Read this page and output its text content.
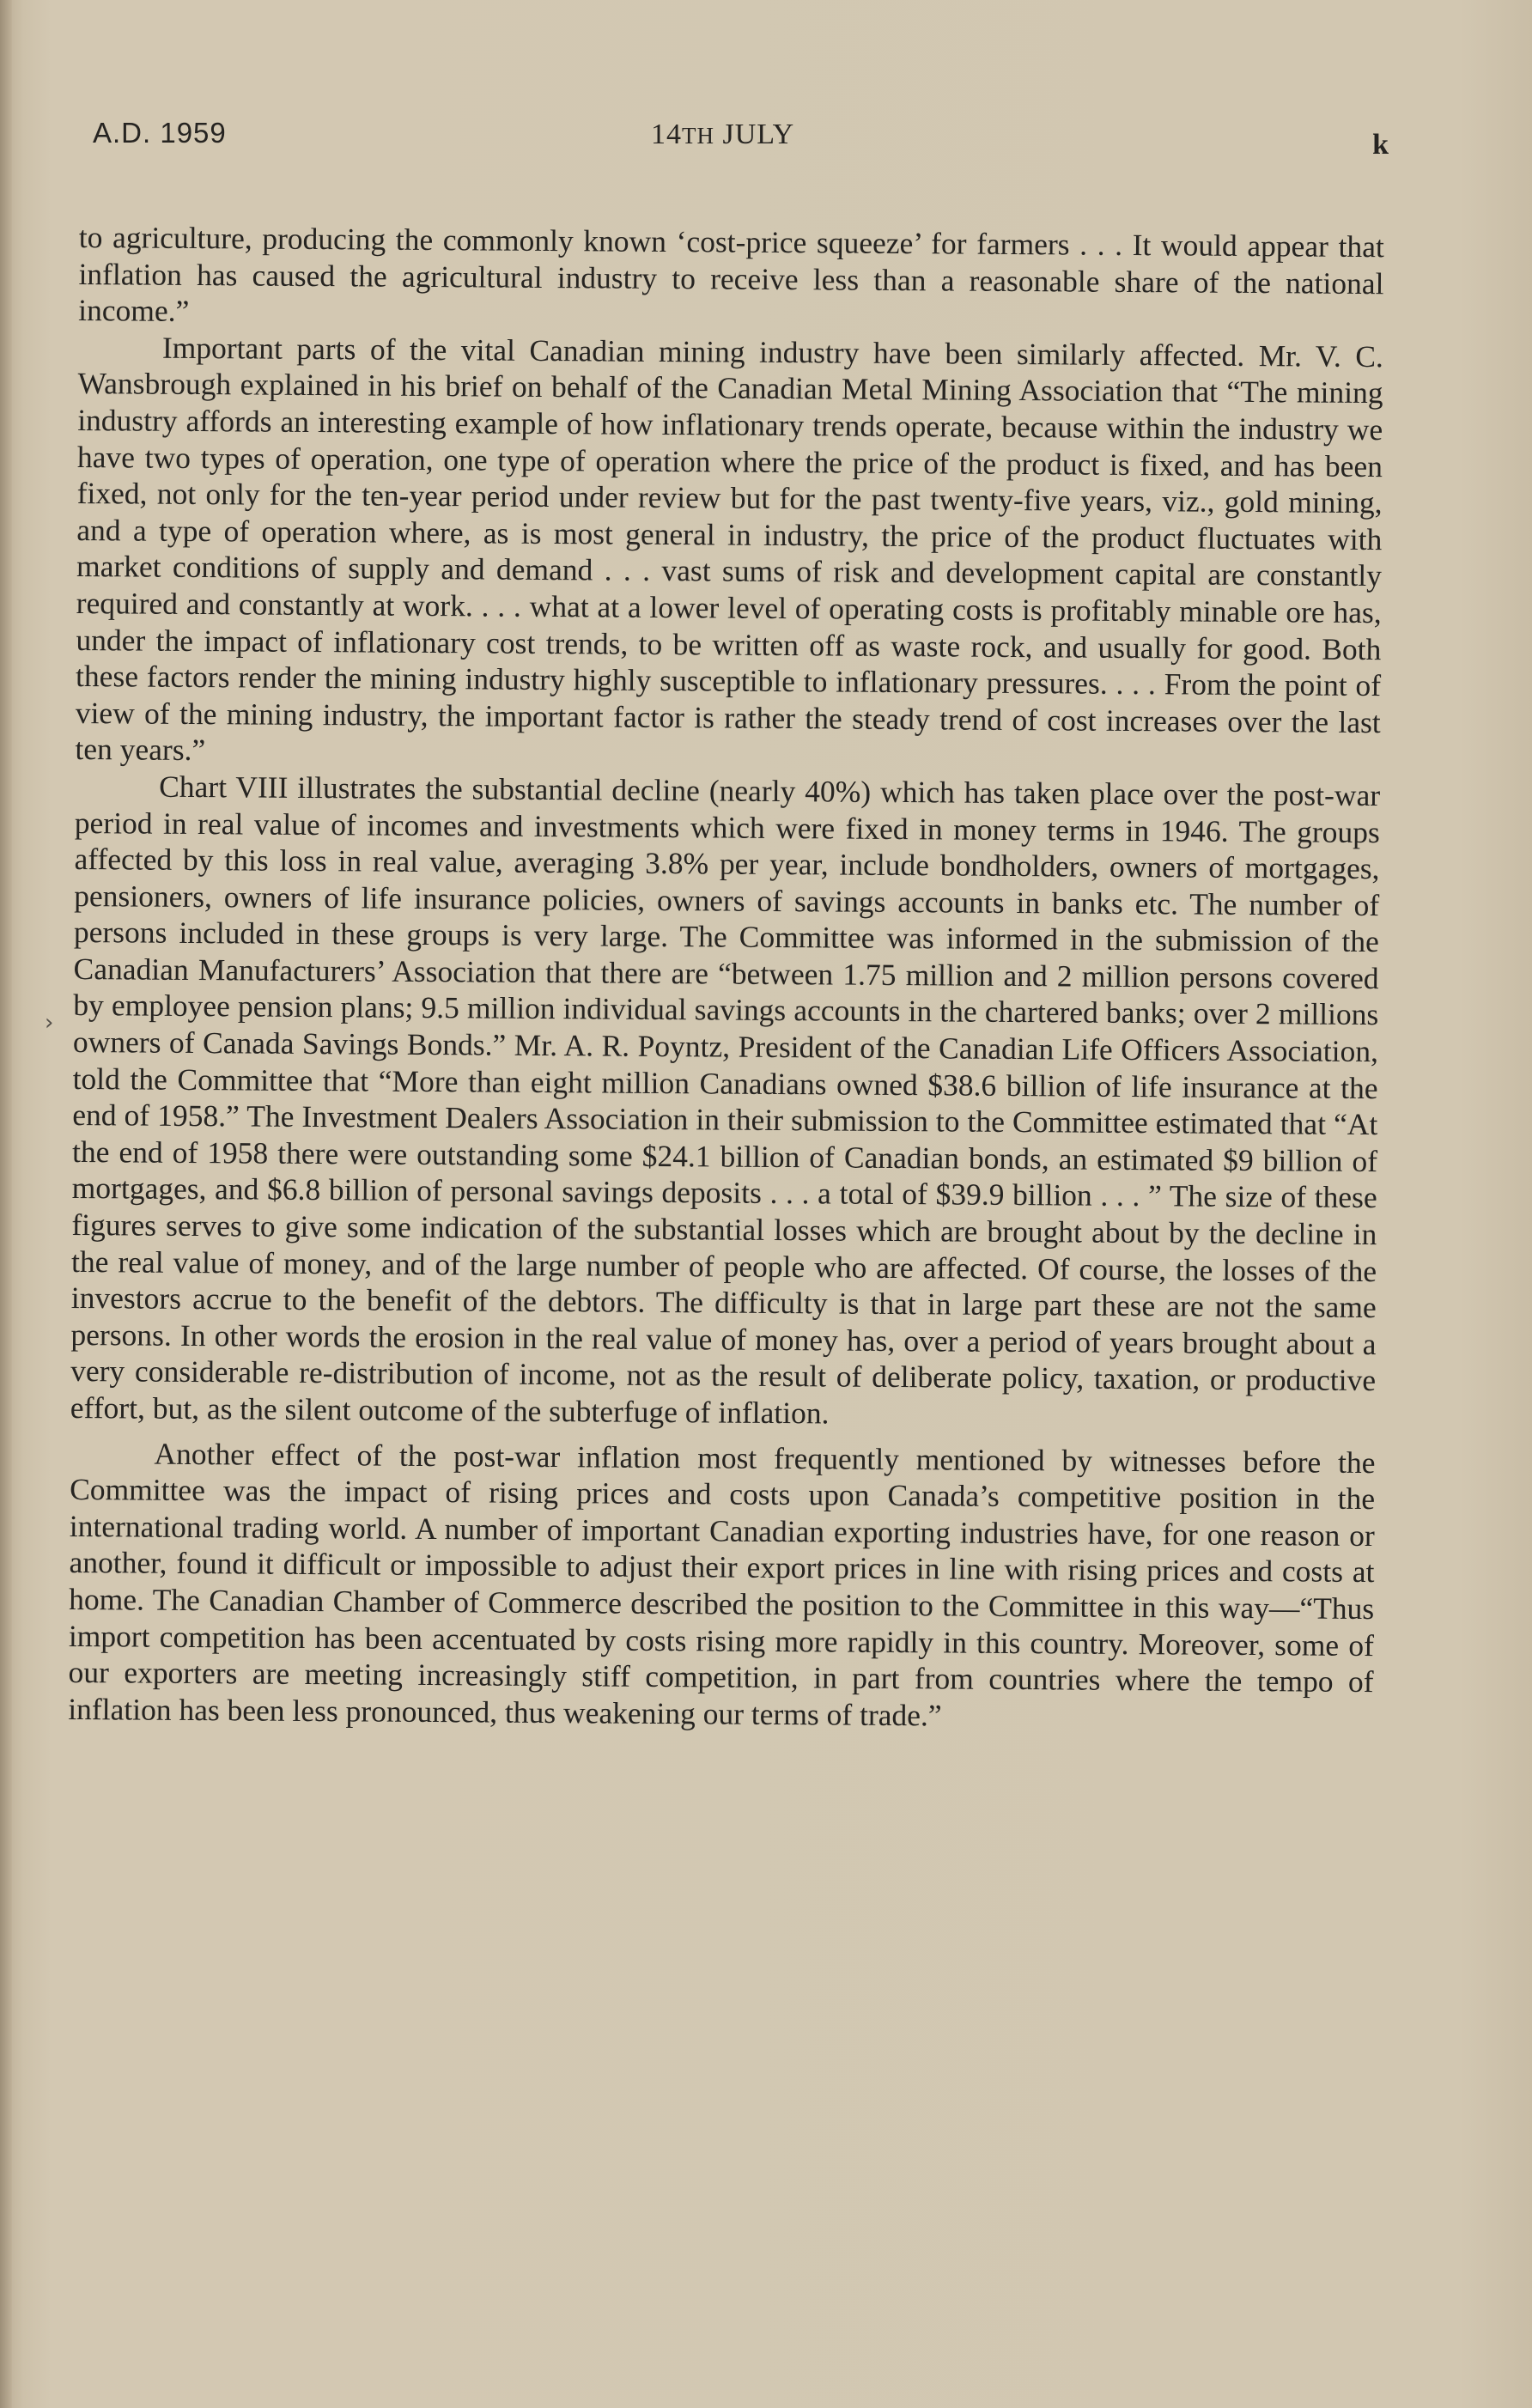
A.D. 1959	14TH JULY	k
›

to agriculture, producing the commonly known ‘cost-price squeeze’ for farmers . . . It would appear that inflation has caused the agricultural industry to receive less than a reasonable share of the national income.”

Important parts of the vital Canadian mining industry have been similarly affected. Mr. V. C. Wansbrough explained in his brief on behalf of the Canadian Metal Mining Association that “The mining industry affords an interesting example of how inflationary trends operate, because within the industry we have two types of operation, one type of operation where the price of the product is fixed, and has been fixed, not only for the ten-year period under review but for the past twenty-five years, viz., gold mining, and a type of operation where, as is most general in industry, the price of the product fluctuates with market conditions of supply and demand . . . vast sums of risk and development capital are constantly required and constantly at work. . . . what at a lower level of operating costs is profitably minable ore has, under the impact of inflationary cost trends, to be written off as waste rock, and usually for good. Both these factors render the mining industry highly susceptible to inflationary pressures. . . . From the point of view of the mining industry, the important factor is rather the steady trend of cost increases over the last ten years.”

Chart VIII illustrates the substantial decline (nearly 40%) which has taken place over the post-war period in real value of incomes and investments which were fixed in money terms in 1946. The groups affected by this loss in real value, averaging 3.8% per year, include bondholders, owners of mortgages, pensioners, owners of life insurance policies, owners of savings accounts in banks etc. The number of persons included in these groups is very large. The Committee was informed in the submission of the Canadian Manufacturers’ Association that there are “between 1.75 million and 2 million persons covered by employee pension plans; 9.5 million individual savings accounts in the chartered banks; over 2 millions owners of Canada Savings Bonds.” Mr. A. R. Poyntz, President of the Canadian Life Officers Association, told the Committee that “More than eight million Canadians owned $38.6 billion of life insurance at the end of 1958.” The Investment Dealers Association in their submission to the Committee estimated that “At the end of 1958 there were outstanding some $24.1 billion of Canadian bonds, an estimated $9 billion of mortgages, and $6.8 billion of personal savings deposits . . . a total of $39.9 billion . . . ” The size of these figures serves to give some indication of the substantial losses which are brought about by the decline in the real value of money, and of the large number of people who are affected. Of course, the losses of the investors accrue to the benefit of the debtors. The difficulty is that in large part these are not the same persons. In other words the erosion in the real value of money has, over a period of years brought about a very considerable re-distribution of income, not as the result of deliberate policy, taxation, or productive effort, but, as the silent outcome of the subterfuge of inflation.

Another effect of the post-war inflation most frequently mentioned by witnesses before the Committee was the impact of rising prices and costs upon Canada’s competitive position in the international trading world. A number of important Canadian exporting industries have, for one reason or another, found it difficult or impossible to adjust their export prices in line with rising prices and costs at home. The Canadian Chamber of Commerce described the position to the Committee in this way—“Thus import competition has been accentuated by costs rising more rapidly in this country. Moreover, some of our exporters are meeting increasingly stiff competition, in part from countries where the tempo of inflation has been less pronounced, thus weakening our terms of trade.”
